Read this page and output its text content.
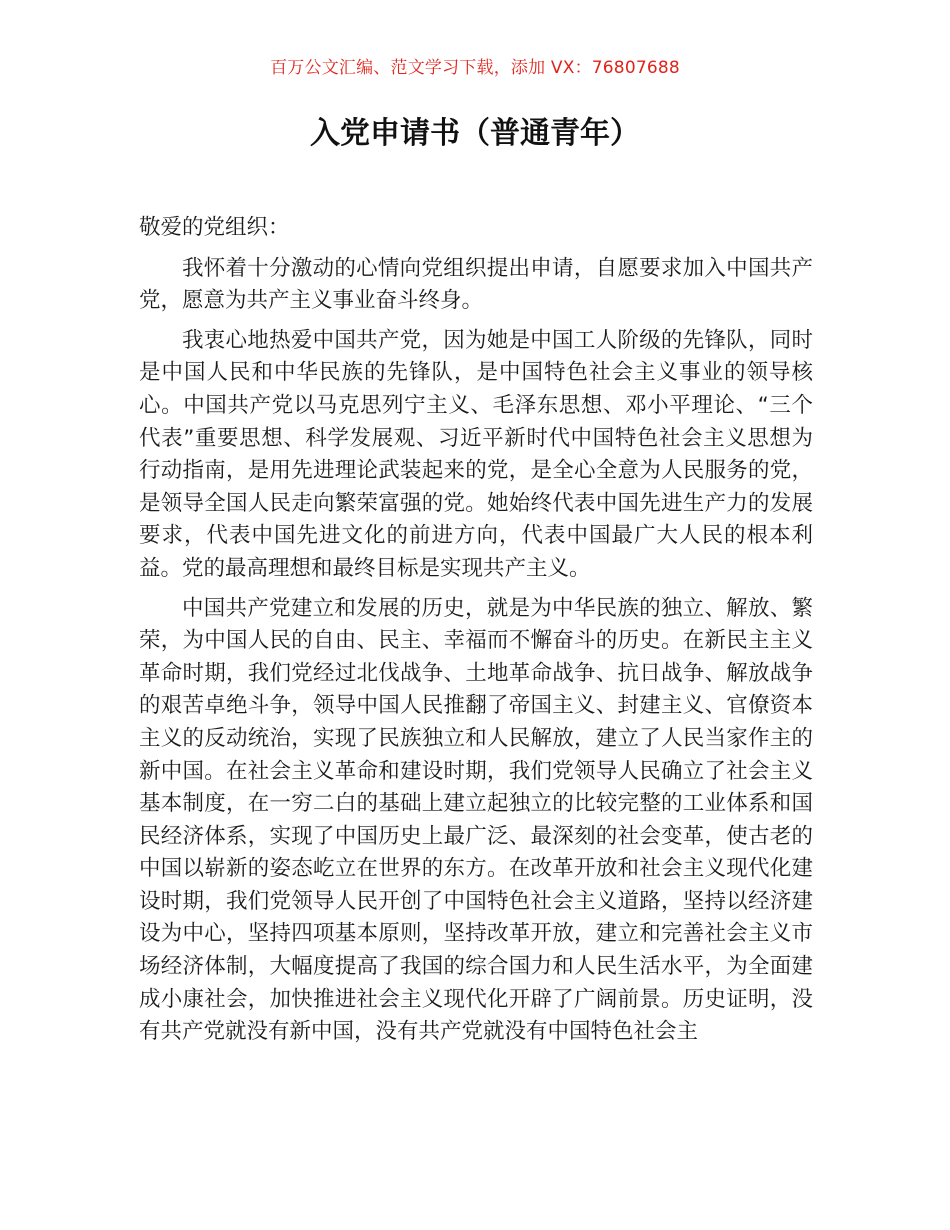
百万公文汇编、范文学习下载，添加 VX：76807688
入党申请书（普通青年）

敬爱的党组织：

我怀着十分激动的心情向党组织提出申请，自愿要求加入中国共产党，愿意为共产主义事业奋斗终身。

我衷心地热爱中国共产党，因为她是中国工人阶级的先锋队，同时是中国人民和中华民族的先锋队，是中国特色社会主义事业的领导核心。中国共产党以马克思列宁主义、毛泽东思想、邓小平理论、“三个代表”重要思想、科学发展观、习近平新时代中国特色社会主义思想为行动指南，是用先进理论武装起来的党，是全心全意为人民服务的党，是领导全国人民走向繁荣富强的党。她始终代表中国先进生产力的发展要求，代表中国先进文化的前进方向，代表中国最广大人民的根本利益。党的最高理想和最终目标是实现共产主义。

中国共产党建立和发展的历史，就是为中华民族的独立、解放、繁荣，为中国人民的自由、民主、幸福而不懈奋斗的历史。在新民主主义革命时期，我们党经过北伐战争、土地革命战争、抗日战争、解放战争的艰苦卓绝斗争，领导中国人民推翻了帝国主义、封建主义、官僚资本主义的反动统治，实现了民族独立和人民解放，建立了人民当家作主的新中国。在社会主义革命和建设时期，我们党领导人民确立了社会主义基本制度，在一穷二白的基础上建立起独立的比较完整的工业体系和国民经济体系，实现了中国历史上最广泛、最深刻的社会变革，使古老的中国以崭新的姿态屹立在世界的东方。在改革开放和社会主义现代化建设时期，我们党领导人民开创了中国特色社会主义道路，坚持以经济建设为中心，坚持四项基本原则，坚持改革开放，建立和完善社会主义市场经济体制，大幅度提高了我国的综合国力和人民生活水平，为全面建成小康社会，加快推进社会主义现代化开辟了广阔前景。历史证明，没有共产党就没有新中国，没有共产党就没有中国特色社会主
